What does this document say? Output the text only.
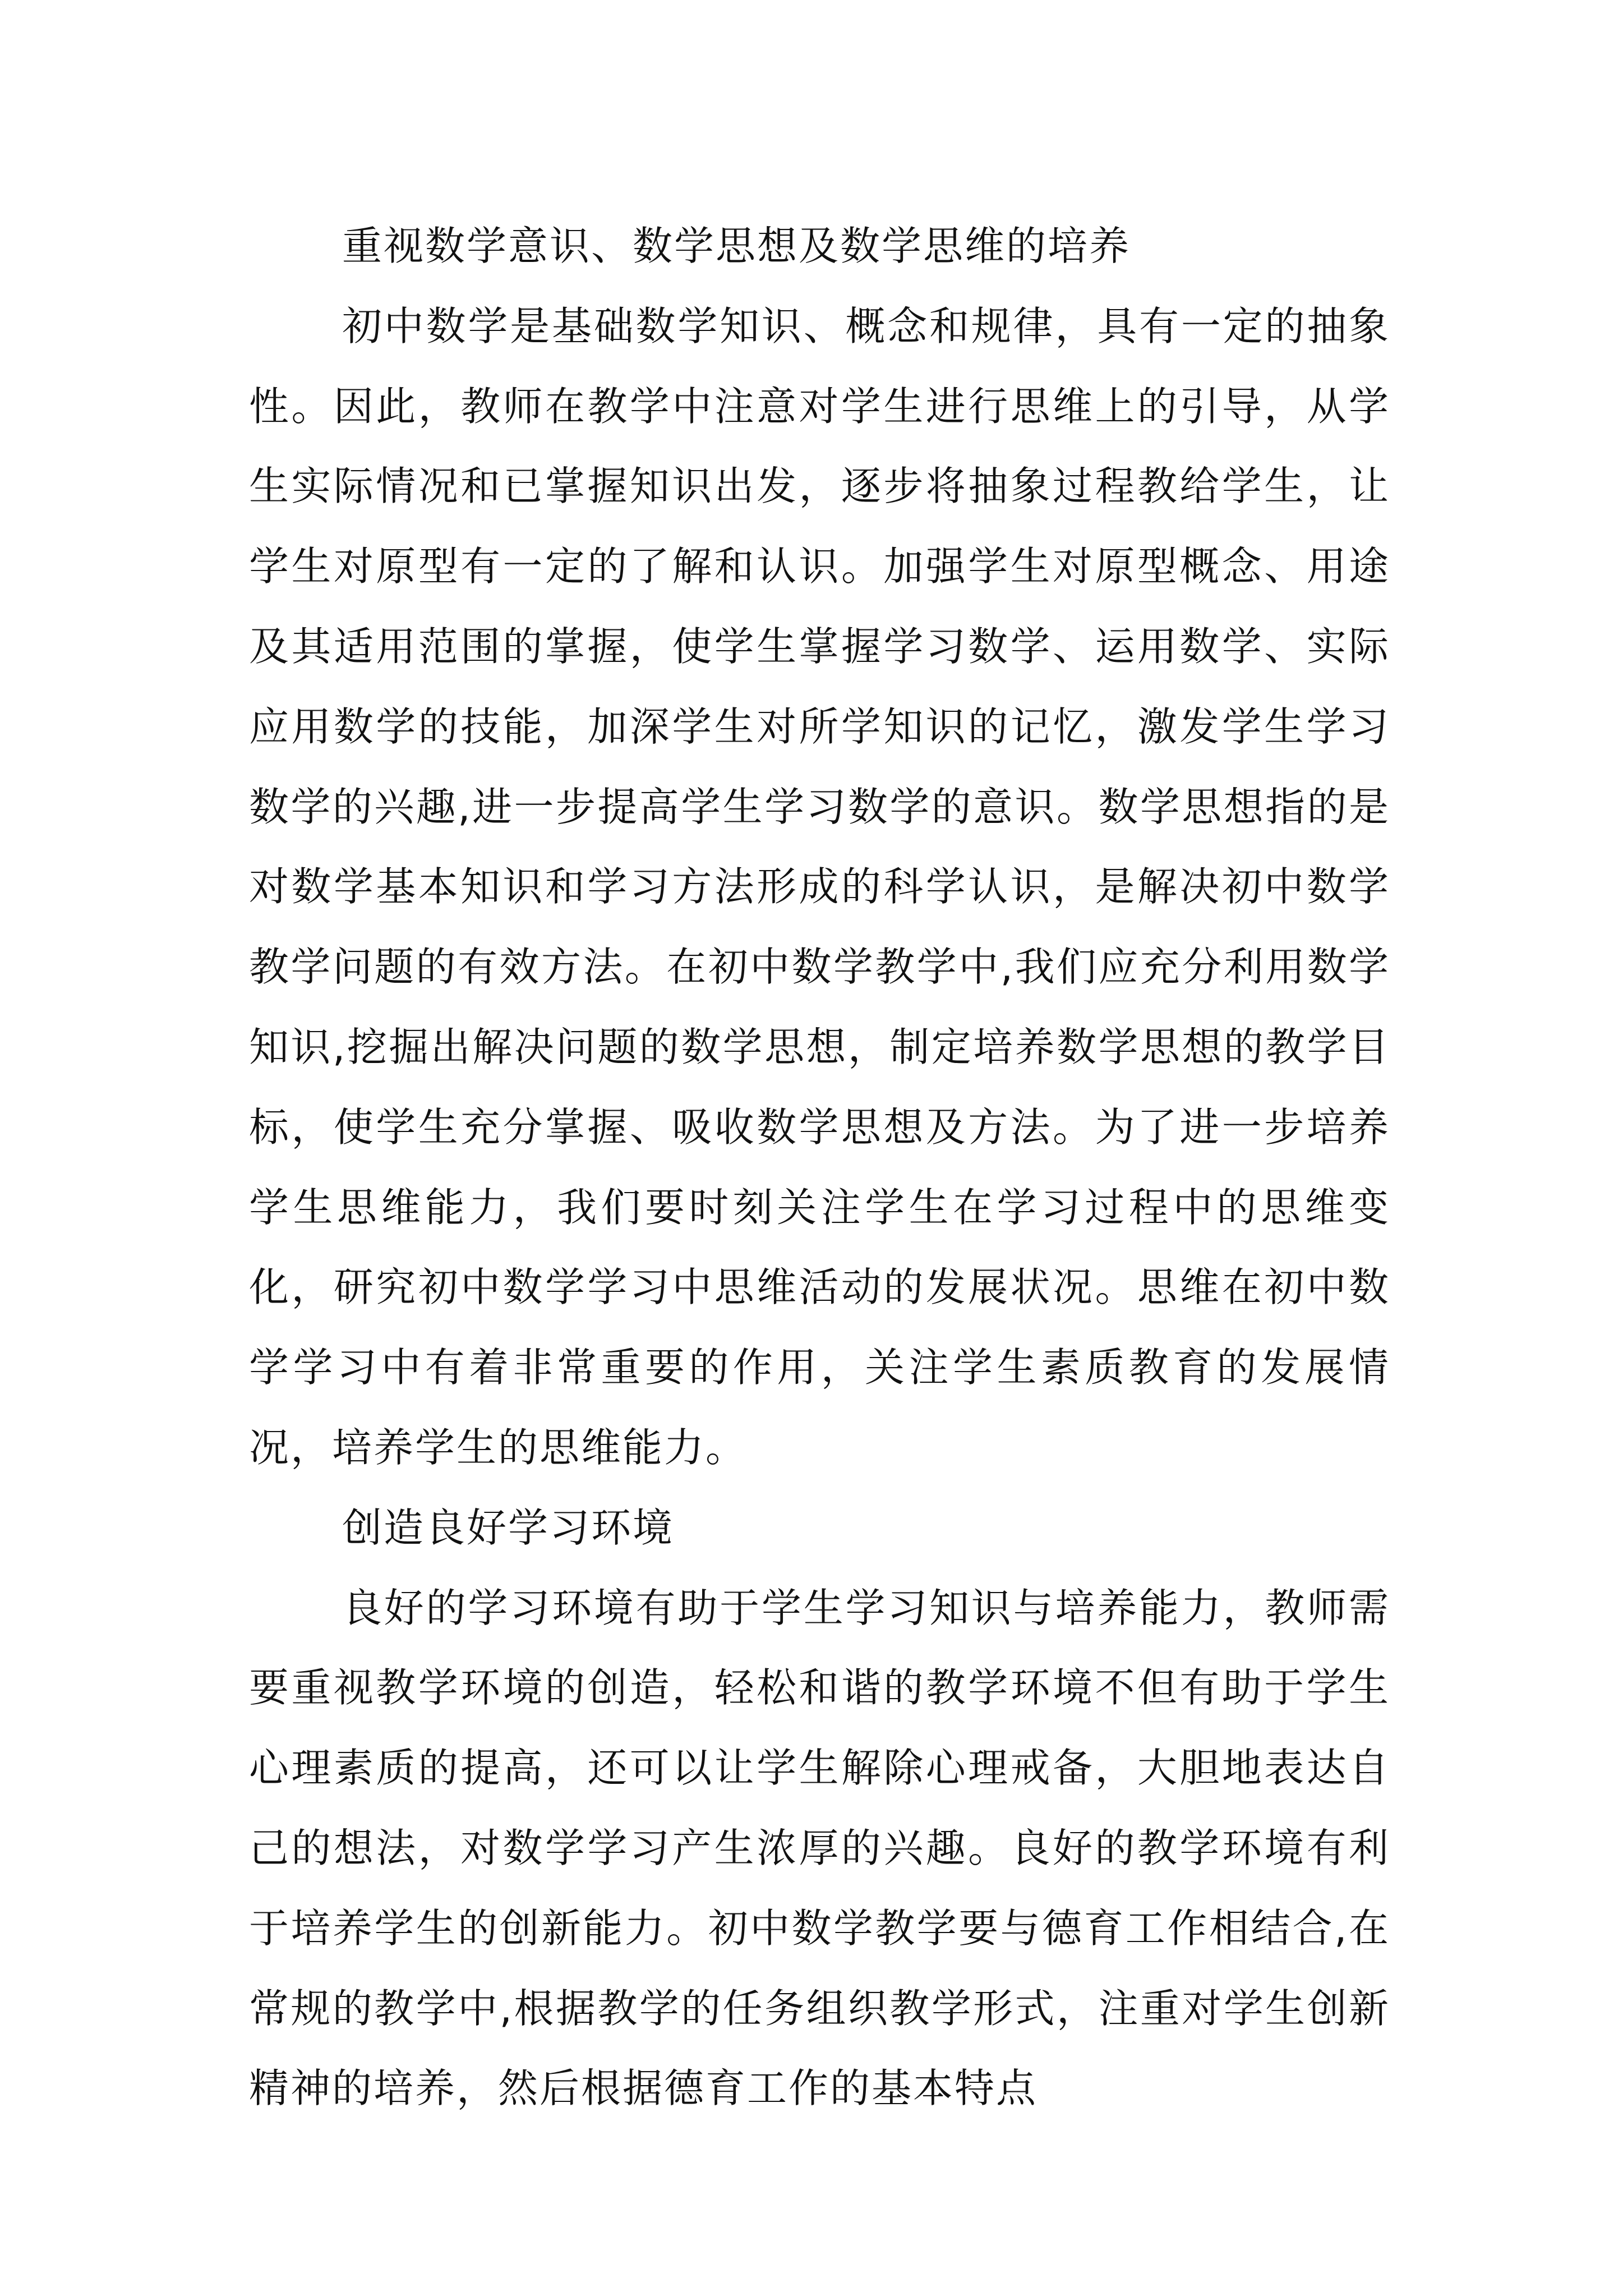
重视数学意识、数学思想及数学思维的培养

初中数学是基础数学知识、概念和规律，具有一定的抽象性。因此，教师在教学中注意对学生进行思维上的引导，从学生实际情况和已掌握知识出发，逐步将抽象过程教给学生，让学生对原型有一定的了解和认识。加强学生对原型概念、用途及其适用范围的掌握，使学生掌握学习数学、运用数学、实际应用数学的技能，加深学生对所学知识的记忆，激发学生学习数学的兴趣,进一步提高学生学习数学的意识。数学思想指的是对数学基本知识和学习方法形成的科学认识，是解决初中数学教学问题的有效方法。在初中数学教学中,我们应充分利用数学知识,挖掘出解决问题的数学思想，制定培养数学思想的教学目标，使学生充分掌握、吸收数学思想及方法。为了进一步培养学生思维能力，我们要时刻关注学生在学习过程中的思维变化，研究初中数学学习中思维活动的发展状况。思维在初中数学学习中有着非常重要的作用，关注学生素质教育的发展情况，培养学生的思维能力。

创造良好学习环境

良好的学习环境有助于学生学习知识与培养能力，教师需要重视教学环境的创造，轻松和谐的教学环境不但有助于学生心理素质的提高，还可以让学生解除心理戒备，大胆地表达自己的想法，对数学学习产生浓厚的兴趣。良好的教学环境有利于培养学生的创新能力。初中数学教学要与德育工作相结合,在常规的教学中,根据教学的任务组织教学形式，注重对学生创新精神的培养，然后根据德育工作的基本特点
